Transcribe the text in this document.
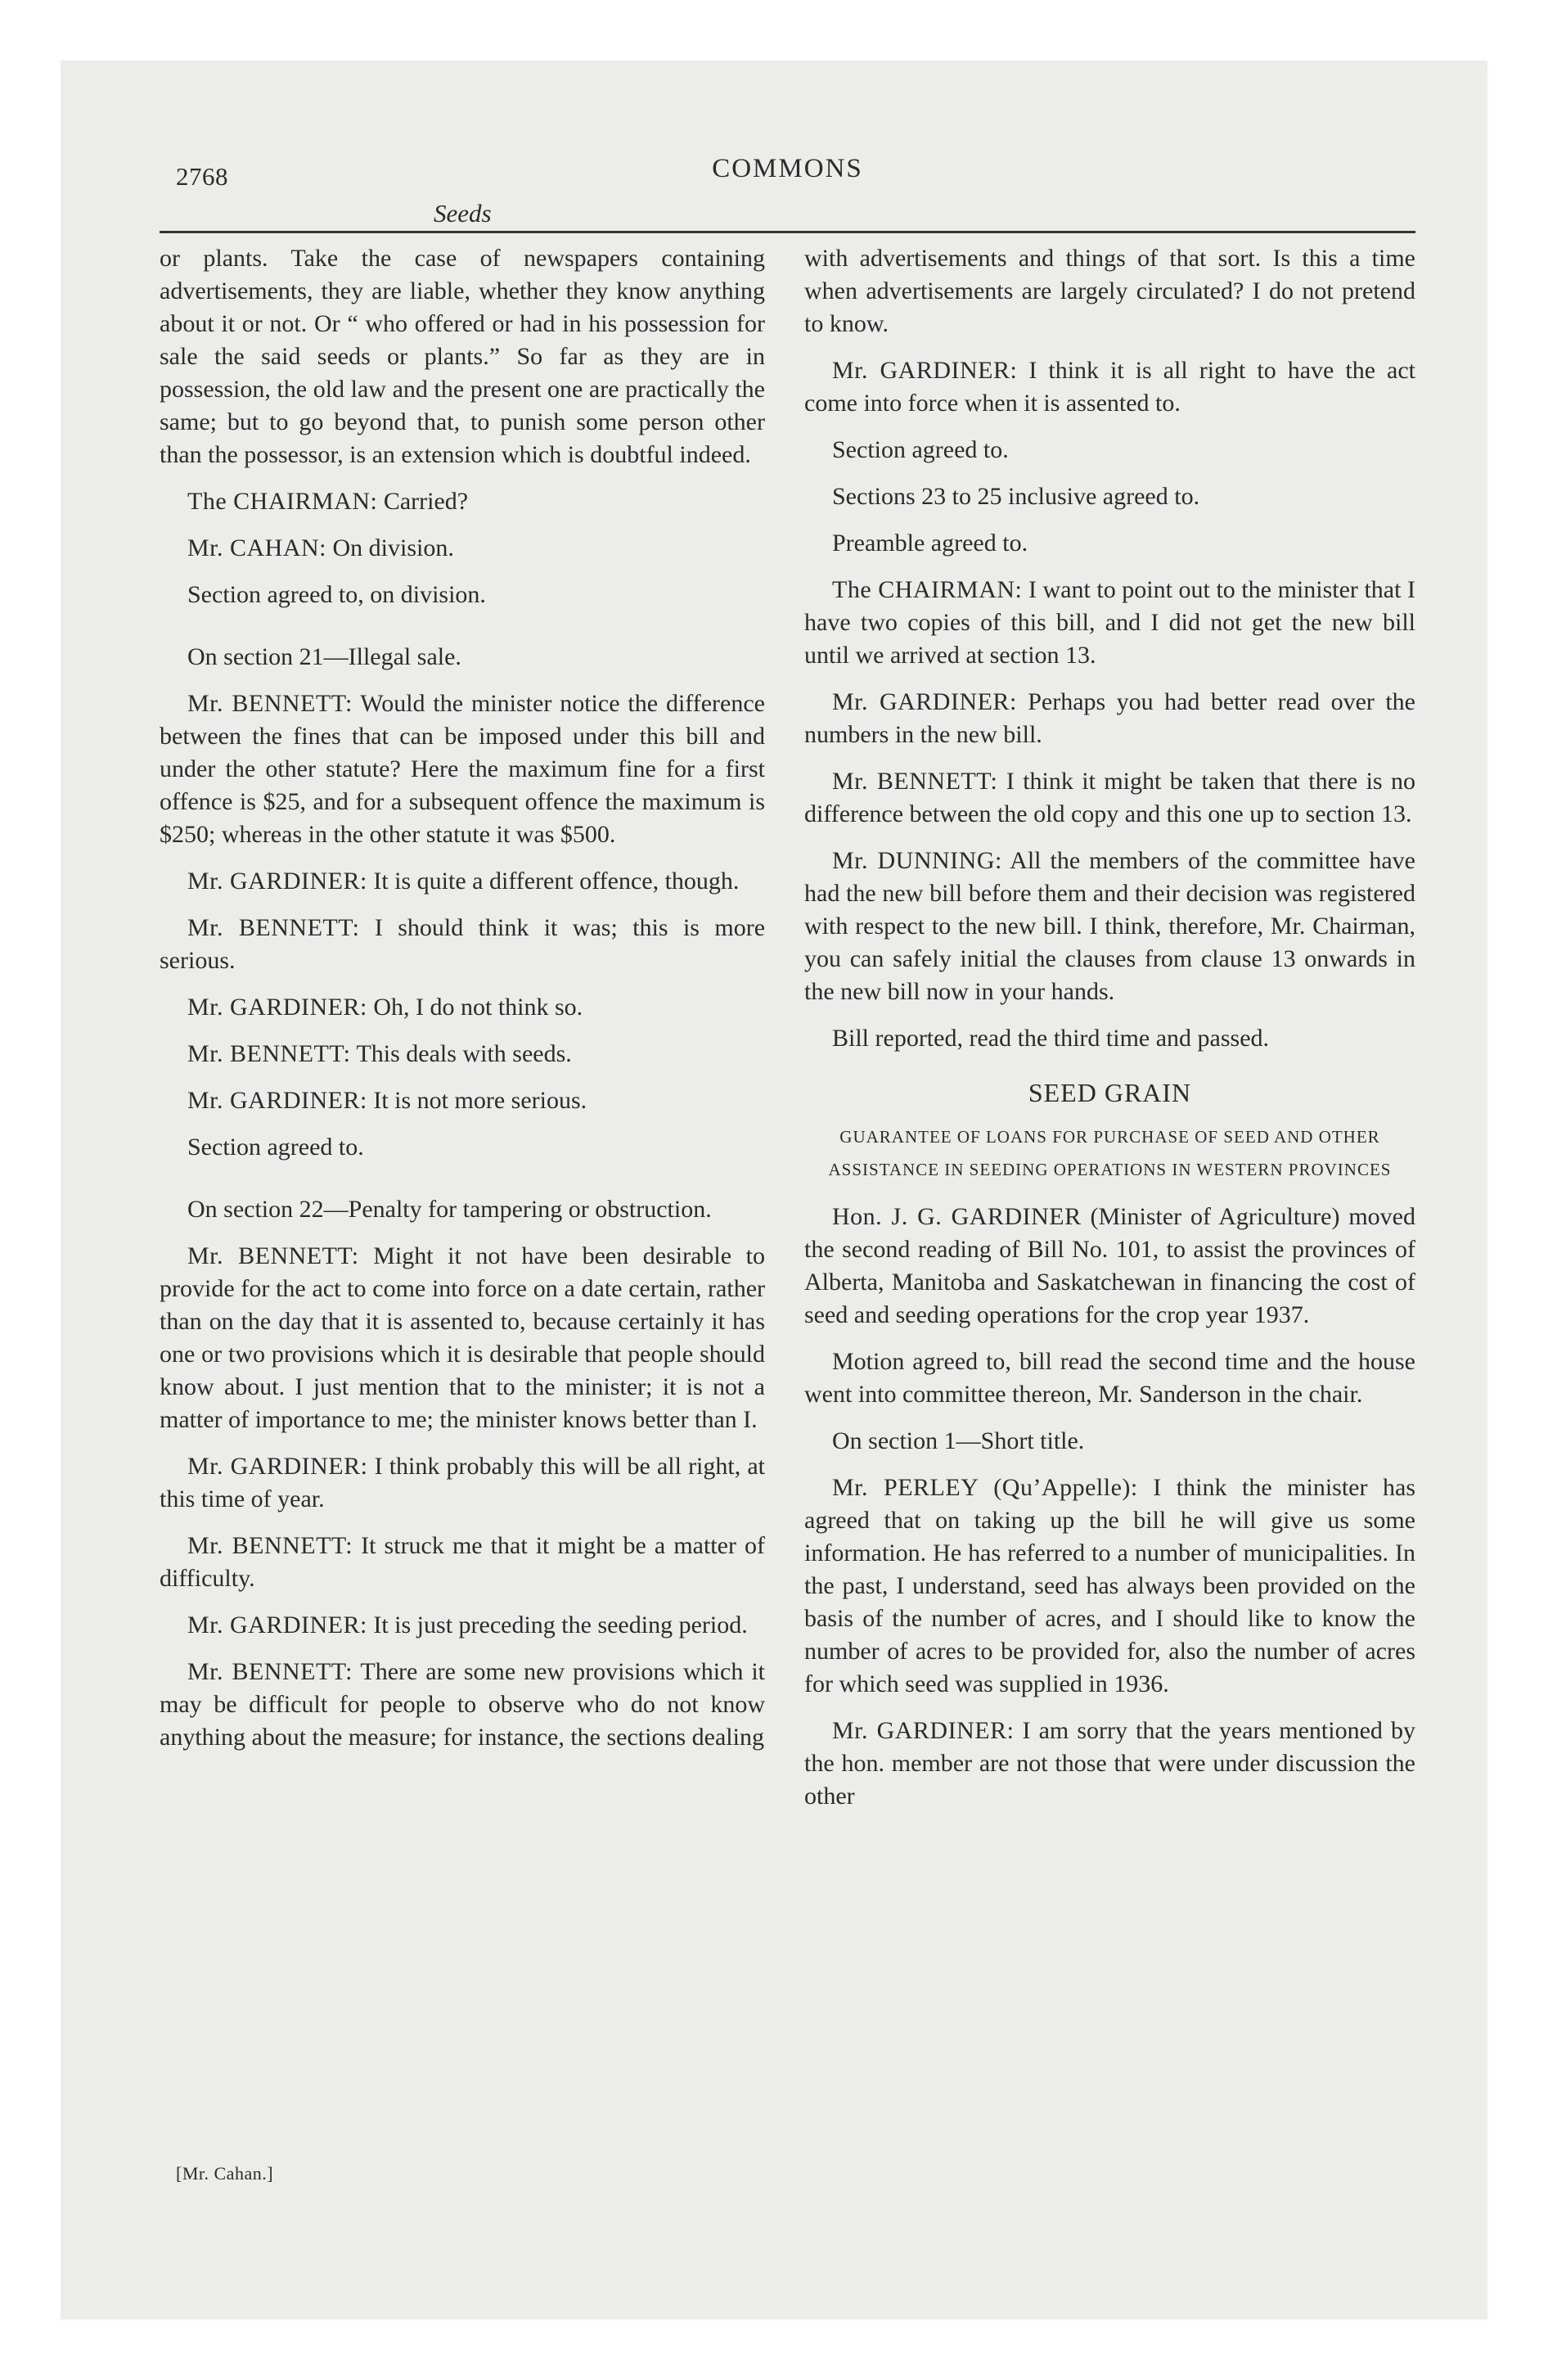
2768	COMMONS
Seeds

or plants. Take the case of newspapers containing advertisements, they are liable, whether they know anything about it or not. Or “ who offered or had in his possession for sale the said seeds or plants.” So far as they are in possession, the old law and the present one are practically the same; but to go beyond that, to punish some person other than the possessor, is an extension which is doubtful indeed.

The CHAIRMAN: Carried?

Mr. CAHAN: On division.

Section agreed to, on division.

On section 21—Illegal sale.

Mr. BENNETT: Would the minister notice the difference between the fines that can be imposed under this bill and under the other statute? Here the maximum fine for a first offence is $25, and for a subsequent offence the maximum is $250; whereas in the other statute it was $500.

Mr. GARDINER: It is quite a different offence, though.

Mr. BENNETT: I should think it was; this is more serious.

Mr. GARDINER: Oh, I do not think so.

Mr. BENNETT: This deals with seeds.

Mr. GARDINER: It is not more serious.

Section agreed to.

On section 22—Penalty for tampering or obstruction.

Mr. BENNETT: Might it not have been desirable to provide for the act to come into force on a date certain, rather than on the day that it is assented to, because certainly it has one or two provisions which it is desirable that people should know about. I just mention that to the minister; it is not a matter of importance to me; the minister knows better than I.

Mr. GARDINER: I think probably this will be all right, at this time of year.

Mr. BENNETT: It struck me that it might be a matter of difficulty.

Mr. GARDINER: It is just preceding the seeding period.

Mr. BENNETT: There are some new provisions which it may be difficult for people to observe who do not know anything about the measure; for instance, the sections dealing

with advertisements and things of that sort. Is this a time when advertisements are largely circulated? I do not pretend to know.

Mr. GARDINER: I think it is all right to have the act come into force when it is assented to.

Section agreed to.

Sections 23 to 25 inclusive agreed to.

Preamble agreed to.

The CHAIRMAN: I want to point out to the minister that I have two copies of this bill, and I did not get the new bill until we arrived at section 13.

Mr. GARDINER: Perhaps you had better read over the numbers in the new bill.

Mr. BENNETT: I think it might be taken that there is no difference between the old copy and this one up to section 13.

Mr. DUNNING: All the members of the committee have had the new bill before them and their decision was registered with respect to the new bill. I think, therefore, Mr. Chairman, you can safely initial the clauses from clause 13 onwards in the new bill now in your hands.

Bill reported, read the third time and passed.

SEED GRAIN
GUARANTEE OF LOANS FOR PURCHASE OF SEED AND OTHER ASSISTANCE IN SEEDING OPERATIONS IN WESTERN PROVINCES

Hon. J. G. GARDINER (Minister of Agriculture) moved the second reading of Bill No. 101, to assist the provinces of Alberta, Manitoba and Saskatchewan in financing the cost of seed and seeding operations for the crop year 1937.

Motion agreed to, bill read the second time and the house went into committee thereon, Mr. Sanderson in the chair.

On section 1—Short title.

Mr. PERLEY (Qu’Appelle): I think the minister has agreed that on taking up the bill he will give us some information. He has referred to a number of municipalities. In the past, I understand, seed has always been provided on the basis of the number of acres, and I should like to know the number of acres to be provided for, also the number of acres for which seed was supplied in 1936.

Mr. GARDINER: I am sorry that the years mentioned by the hon. member are not those that were under discussion the other

[Mr. Cahan.]
